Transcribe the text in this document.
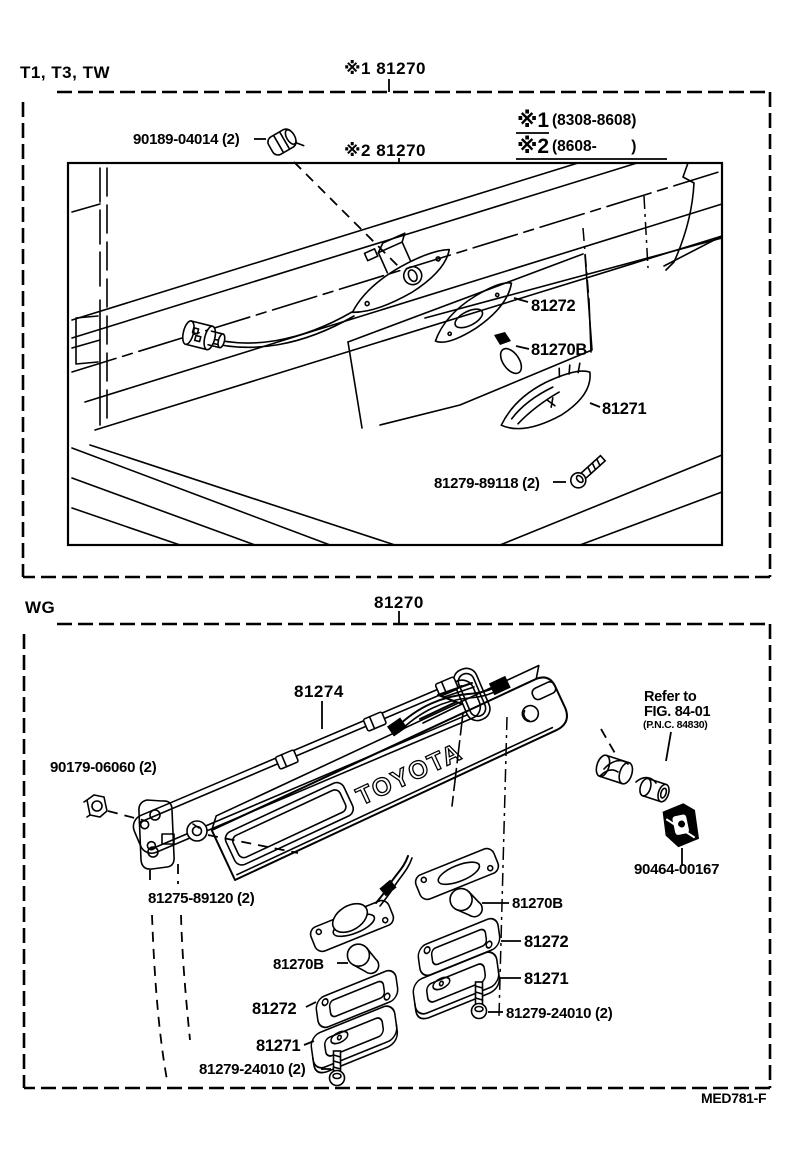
T1, T3, TW	※1 81270
※1 (8308-8608)
※2 (8608-        )
90189-04014 (2)
※2 81270
81272
81270B
81271
81279-89118 (2)
WG	81270
81274
TOYOTA
Refer to
FIG. 84-01
(P.N.C. 84830)
90179-06060 (2)
81275-89120 (2)
90464-00167
81270B
81272
81271
81270B
81272
81271
81279-24010 (2)
81279-24010 (2)
MED781-F
